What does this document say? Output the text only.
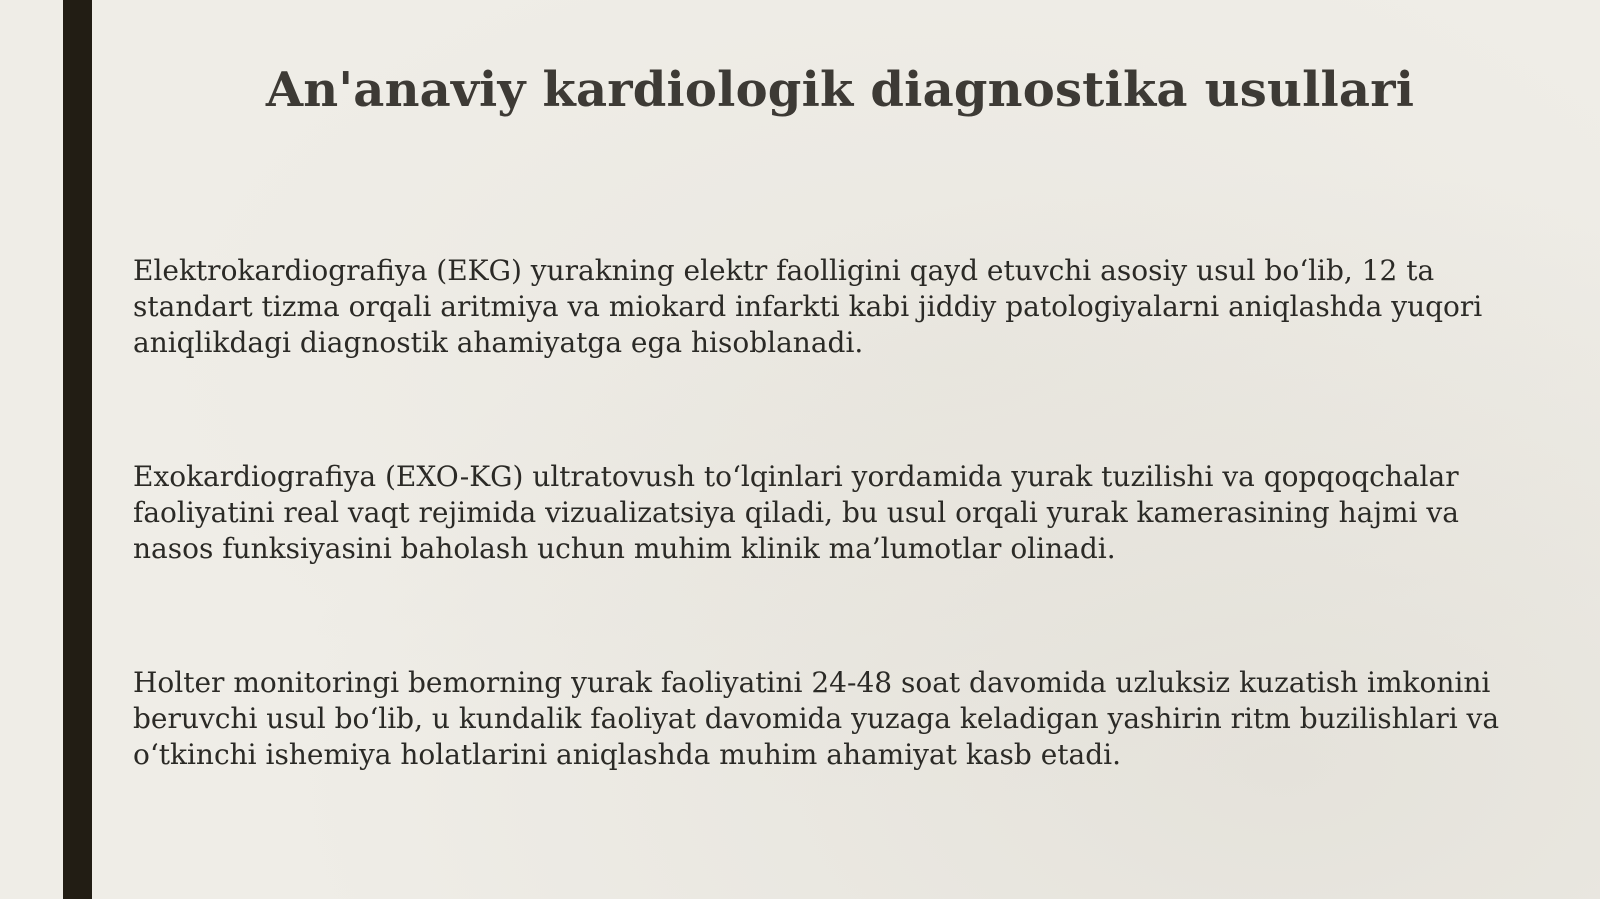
An'anaviy kardiologik diagnostika usullari

Elektrokardiografiya (EKG) yurakning elektr faolligini qayd etuvchi asosiy usul bo‘lib, 12 ta standart tizma orqali aritmiya va miokard infarkti kabi jiddiy patologiyalarni aniqlashda yuqori aniqlikdagi diagnostik ahamiyatga ega hisoblanadi.

Exokardiografiya (EXO-KG) ultratovush to‘lqinlari yordamida yurak tuzilishi va qopqoqchalar faoliyatini real vaqt rejimida vizualizatsiya qiladi, bu usul orqali yurak kamerasining hajmi va nasos funksiyasini baholash uchun muhim klinik ma’lumotlar olinadi.

Holter monitoringi bemorning yurak faoliyatini 24-48 soat davomida uzluksiz kuzatish imkonini beruvchi usul bo‘lib, u kundalik faoliyat davomida yuzaga keladigan yashirin ritm buzilishlari va o‘tkinchi ishemiya holatlarini aniqlashda muhim ahamiyat kasb etadi.
